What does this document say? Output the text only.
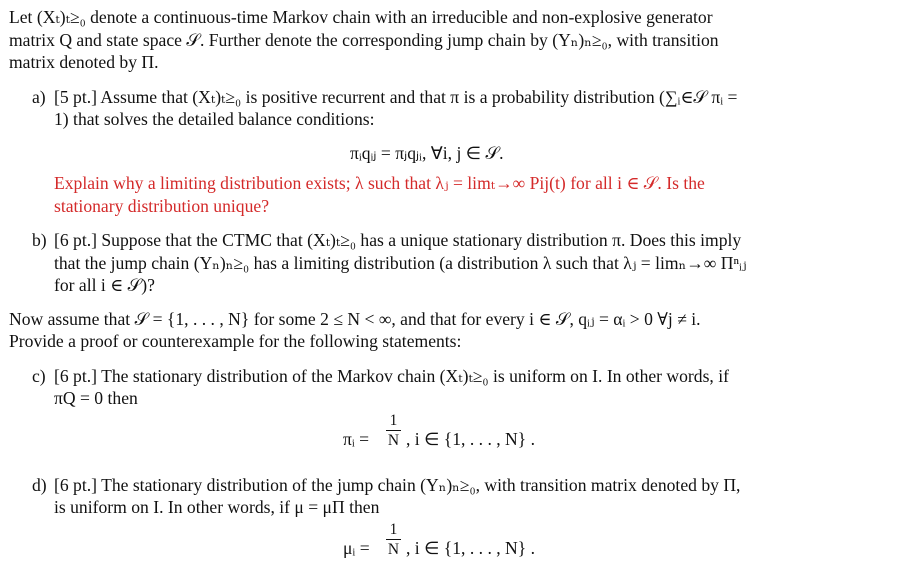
Let (Xₜ)ₜ≥₀ denote a continuous-time Markov chain with an irreducible and non-explosive generator
matrix Q and state space 𝒮. Further denote the corresponding jump chain by (Yₙ)ₙ≥₀, with transition
matrix denoted by Π.
a) [5 pt.] Assume that (Xₜ)ₜ≥₀ is positive recurrent and that π is a probability distribution (∑ᵢ∈𝒮 πᵢ =
1) that solves the detailed balance conditions:
πᵢqᵢⱼ = πⱼqⱼᵢ, ∀i, j ∈ 𝒮.
Explain why a limiting distribution exists; λ such that λⱼ = limₜ→∞ Pij(t) for all i ∈ 𝒮. Is the
stationary distribution unique?
b) [6 pt.] Suppose that the CTMC that (Xₜ)ₜ≥₀ has a unique stationary distribution π. Does this imply
that the jump chain (Yₙ)ₙ≥₀ has a limiting distribution (a distribution λ such that λⱼ = limₙ→∞ Πⁿᵢⱼ
for all i ∈ 𝒮)?
Now assume that 𝒮 = {1, . . . , N} for some 2 ≤ N < ∞, and that for every i ∈ 𝒮, qᵢⱼ = αᵢ > 0 ∀j ≠ i.
Provide a proof or counterexample for the following statements:
c) [6 pt.] The stationary distribution of the Markov chain (Xₜ)ₜ≥₀ is uniform on I. In other words, if
πQ = 0 then
πᵢ =
1
N , i ∈ {1, . . . , N} .
d) [6 pt.] The stationary distribution of the jump chain (Yₙ)ₙ≥₀, with transition matrix denoted by Π,
is uniform on I. In other words, if μ = μΠ then
μᵢ =
1
N , i ∈ {1, . . . , N} .
